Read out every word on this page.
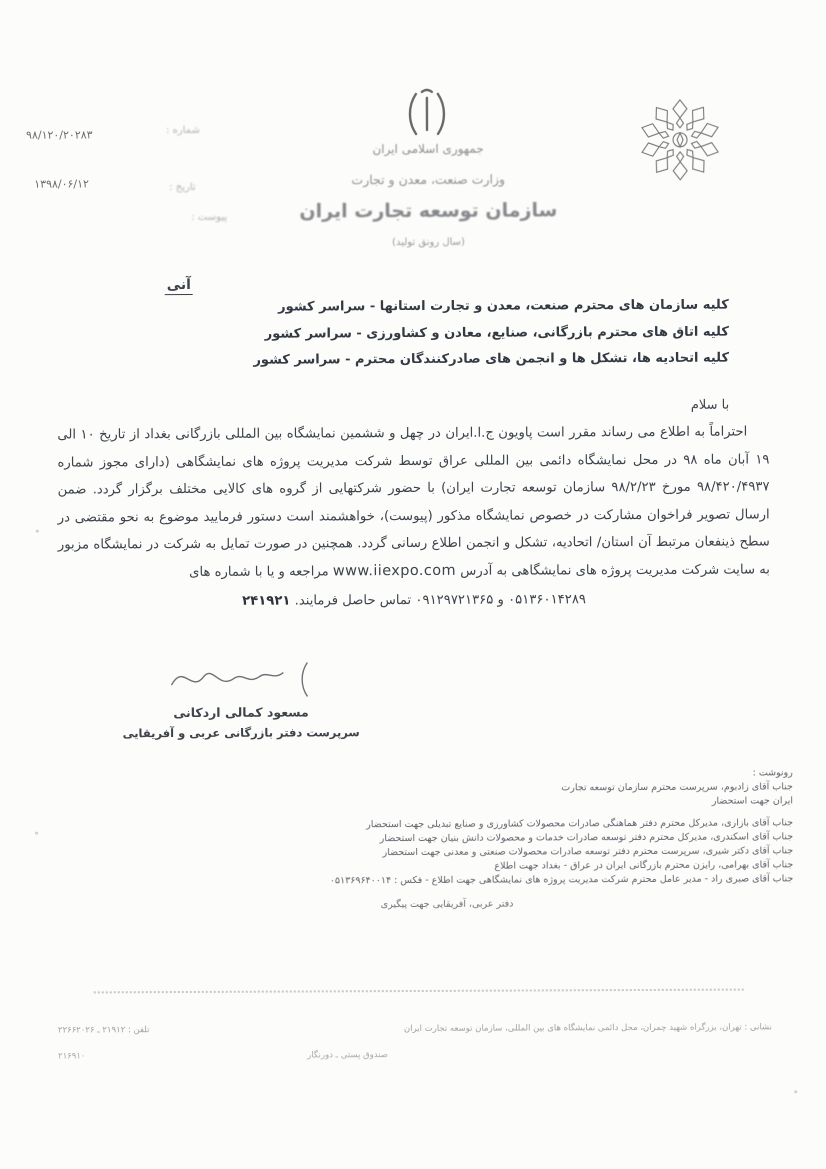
جمهوری اسلامی ایران
وزارت صنعت، معدن و تجارت
سازمان توسعه تجارت ایران
(سال رونق تولید)
۹۸/۱۲۰/۲۰۲۸۳	شماره :
۱۳۹۸/۰۶/۱۲	تاریخ :
پیوست :
آنی
کلیه سازمان های محترم صنعت، معدن و تجارت استانها - سراسر کشور
کلیه اتاق های محترم بازرگانی، صنایع، معادن و کشاورزی - سراسر کشور
کلیه اتحادیه ها، تشکل ها و انجمن های صادرکنندگان محترم - سراسر کشور
با سلام

احتراماً به اطلاع می رساند مقرر است پاویون ج.ا.ایران در چهل و ششمین نمایشگاه بین المللی بازرگانی بغداد از تاریخ ۱۰ الی ۱۹ آبان ماه ۹۸ در محل نمایشگاه دائمی بین المللی عراق توسط شرکت مدیریت پروژه های نمایشگاهی (دارای مجوز شماره ۹۸/۴۲۰/۴۹۳۷ مورخ ۹۸/۲/۲۳ سازمان توسعه تجارت ایران) با حضور شرکتهایی از گروه های کالایی مختلف برگزار گردد. ضمن ارسال تصویر فراخوان مشارکت در خصوص نمایشگاه مذکور (پیوست)، خواهشمند است دستور فرمایید موضوع به نحو مقتضی در سطح ذینفعان مرتبط آن استان/ اتحادیه، تشکل و انجمن اطلاع رسانی گردد. همچنین در صورت تمایل به شرکت در نمایشگاه مزبور به سایت شرکت مدیریت پروژه های نمایشگاهی به آدرس www.iiexpo.com مراجعه و یا با شماره های

۰۵۱۳۶۰۱۴۲۸۹ و ۰۹۱۲۹۷۲۱۳۶۵ تماس حاصل فرمایند. ۲۴۱۹۲۱
مسعود کمالی اردکانی
سرپرست دفتر بازرگانی عربی و آفریقایی
رونوشت :
جناب آقای زادبوم، سرپرست محترم سازمان توسعه تجارت
ایران جهت استحضار
جناب آقای بازاری، مدیرکل محترم دفتر هماهنگی صادرات محصولات کشاورزی و صنایع تبدیلی جهت استحضار
جناب آقای اسکندری، مدیرکل محترم دفتر توسعه صادرات خدمات و محصولات دانش بنیان جهت استحضار
جناب آقای دکتر شیری، سرپرست محترم دفتر توسعه صادرات محصولات صنعتی و معدنی جهت استحضار
جناب آقای بهرامی، رایزن محترم بازرگانی ایران در عراق - بغداد جهت اطلاع
جناب آقای صبری راد - مدیر عامل محترم شرکت مدیریت پروژه های نمایشگاهی جهت اطلاع - فکس : ۰۵۱۳۶۹۶۴۰۰۱۴
دفتر عربی، آفریقایی جهت پیگیری
نشانی : تهران، بزرگراه شهید چمران، محل دائمی نمایشگاه های بین المللی، سازمان توسعه تجارت ایران
تلفن : ۲۱۹۱۲ ـ ۲۲۶۶۲۰۲۶
صندوق پستی ـ دورنگار
۲۱۶۹۱۰
